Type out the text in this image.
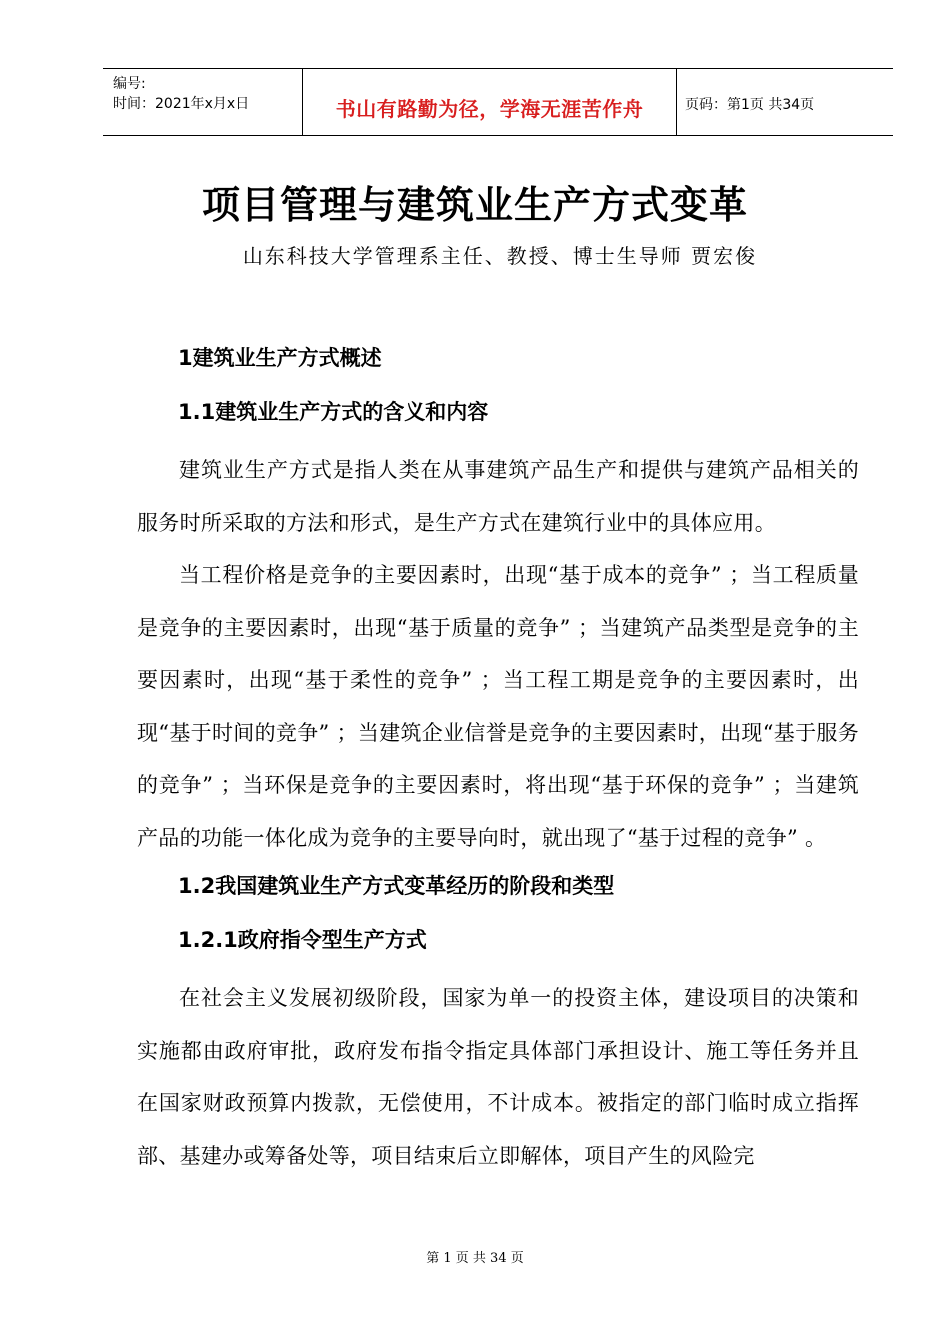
编号:
时间：2021年x月x日	书山有路勤为径，学海无涯苦作舟	页码：第1页 共34页
项目管理与建筑业生产方式变革
山东科技大学管理系主任、教授、博士生导师 贾宏俊
1建筑业生产方式概述
1.1建筑业生产方式的含义和内容
建筑业生产方式是指人类在从事建筑产品生产和提供与建筑产品相关的服务时所采取的方法和形式，是生产方式在建筑行业中的具体应用。
当工程价格是竞争的主要因素时，出现“基于成本的竞争” ；当工程质量是竞争的主要因素时，出现“基于质量的竞争” ；当建筑产品类型是竞争的主要因素时，出现“基于柔性的竞争” ；当工程工期是竞争的主要因素时，出现“基于时间的竞争” ；当建筑企业信誉是竞争的主要因素时，出现“基于服务的竞争” ；当环保是竞争的主要因素时，将出现“基于环保的竞争” ；当建筑产品的功能一体化成为竞争的主要导向时，就出现了“基于过程的竞争” 。
1.2我国建筑业生产方式变革经历的阶段和类型
1.2.1政府指令型生产方式
在社会主义发展初级阶段，国家为单一的投资主体，建设项目的决策和实施都由政府审批，政府发布指令指定具体部门承担设计、施工等任务并且在国家财政预算内拨款，无偿使用，不计成本。被指定的部门临时成立指挥部、基建办或筹备处等，项目结束后立即解体，项目产生的风险完
第 1 页 共 34 页
